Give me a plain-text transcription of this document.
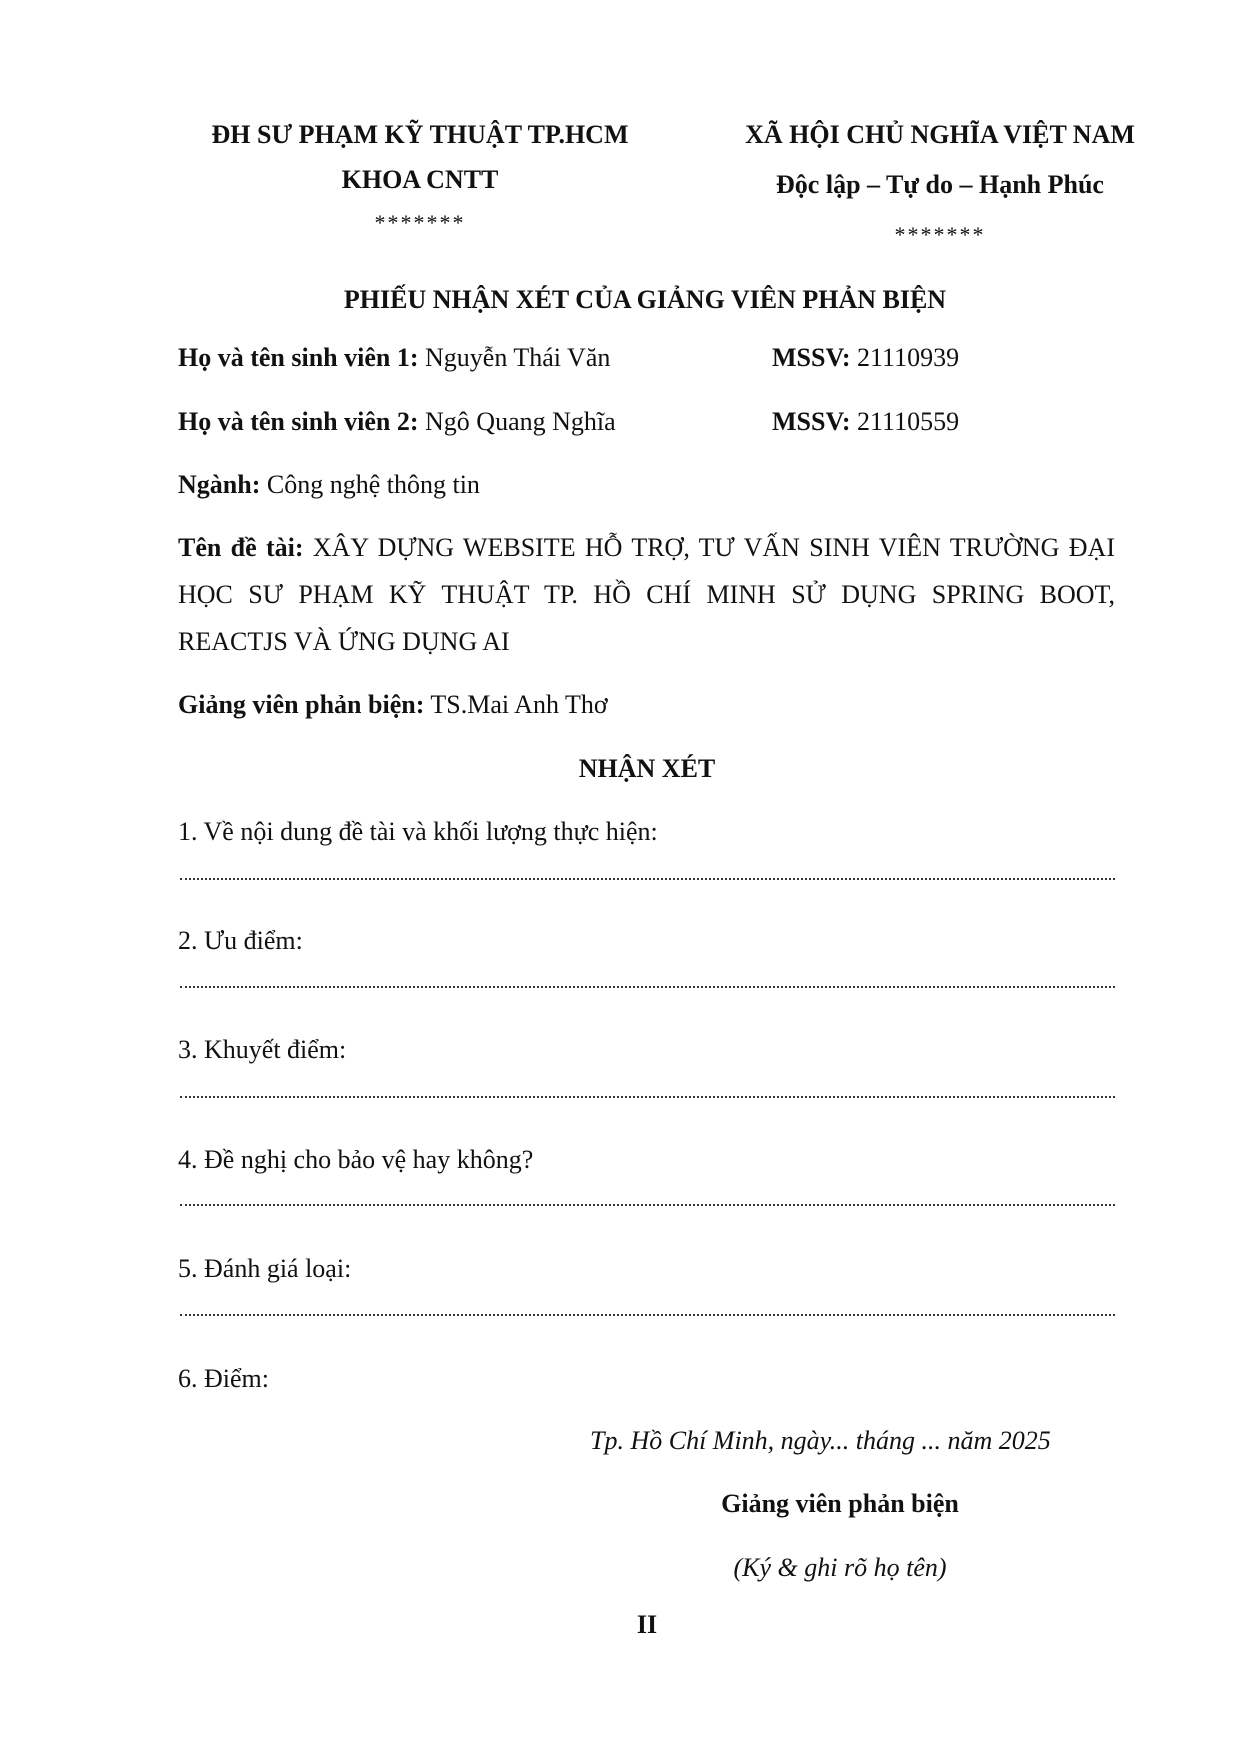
ĐH SƯ PHẠM KỸ THUẬT TP.HCM
KHOA CNTT
*******
XÃ HỘI CHỦ NGHĨA VIỆT NAM
Độc lập – Tự do – Hạnh Phúc
*******
PHIẾU NHẬN XÉT CỦA GIẢNG VIÊN PHẢN BIỆN
Họ và tên sinh viên 1: Nguyễn Thái Văn	MSSV: 21110939
Họ và tên sinh viên 2: Ngô Quang Nghĩa	MSSV: 21110559
Ngành: Công nghệ thông tin
Tên đề tài: XÂY DỰNG WEBSITE HỖ TRỢ, TƯ VẤN SINH VIÊN TRƯỜNG ĐẠI
HỌC SƯ PHẠM KỸ THUẬT TP. HỒ CHÍ MINH SỬ DỤNG SPRING BOOT,
REACTJS VÀ ỨNG DỤNG AI
Giảng viên phản biện: TS.Mai Anh Thơ
NHẬN XÉT
1. Về nội dung đề tài và khối lượng thực hiện:
2. Ưu điểm:
3. Khuyết điểm:
4. Đề nghị cho bảo vệ hay không?
5. Đánh giá loại:
6. Điểm:
Tp. Hồ Chí Minh, ngày... tháng ... năm 2025
Giảng viên phản biện
(Ký & ghi rõ họ tên)
II
